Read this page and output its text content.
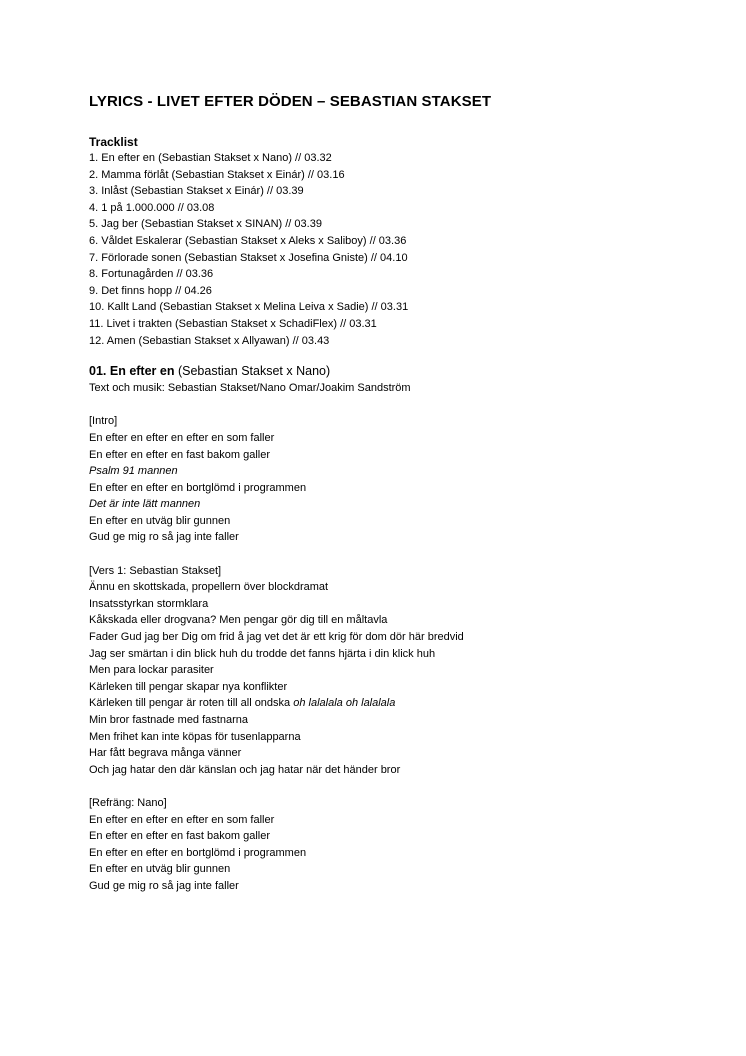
LYRICS - LIVET EFTER DÖDEN – SEBASTIAN STAKSET
Tracklist
1. En efter en (Sebastian Stakset x Nano) // 03.32
2. Mamma förlåt (Sebastian Stakset x Einár) // 03.16
3. Inlåst (Sebastian Stakset x Einár) // 03.39
4. 1 på 1.000.000 // 03.08
5. Jag ber (Sebastian Stakset x SINAN) // 03.39
6. Våldet Eskalerar (Sebastian Stakset x Aleks x Saliboy) // 03.36
7. Förlorade sonen (Sebastian Stakset x Josefina Gniste) // 04.10
8. Fortunagården // 03.36
9. Det finns hopp // 04.26
10. Kallt Land (Sebastian Stakset x Melina Leiva x Sadie) // 03.31
11. Livet i trakten (Sebastian Stakset x SchadiFlex) // 03.31
12. Amen (Sebastian Stakset x Allyawan) // 03.43
01. En efter en (Sebastian Stakset x Nano)
Text och musik: Sebastian Stakset/Nano Omar/Joakim Sandström
[Intro]
En efter en efter en efter en som faller
En efter en efter en fast bakom galler
Psalm 91 mannen
En efter en efter en bortglömd i programmen
Det är inte lätt mannen
En efter en utväg blir gunnen
Gud ge mig ro så jag inte faller
[Vers 1: Sebastian Stakset]
Ännu en skottskada, propellern över blockdramat
Insatsstyrkan stormklara
Kåkskada eller drogvana? Men pengar gör dig till en måltavla
Fader Gud jag ber Dig om frid å jag vet det är ett krig för dom dör här bredvid
Jag ser smärtan i din blick huh du trodde det fanns hjärta i din klick huh
Men para lockar parasiter
Kärleken till pengar skapar nya konflikter
Kärleken till pengar är roten till all ondska oh lalalala oh lalalala
Min bror fastnade med fastnarna
Men frihet kan inte köpas för tusenlapparna
Har fått begrava många vänner
Och jag hatar den där känslan och jag hatar när det händer bror
[Refräng: Nano]
En efter en efter en efter en som faller
En efter en efter en fast bakom galler
En efter en efter en bortglömd i programmen
En efter en utväg blir gunnen
Gud ge mig ro så jag inte faller
